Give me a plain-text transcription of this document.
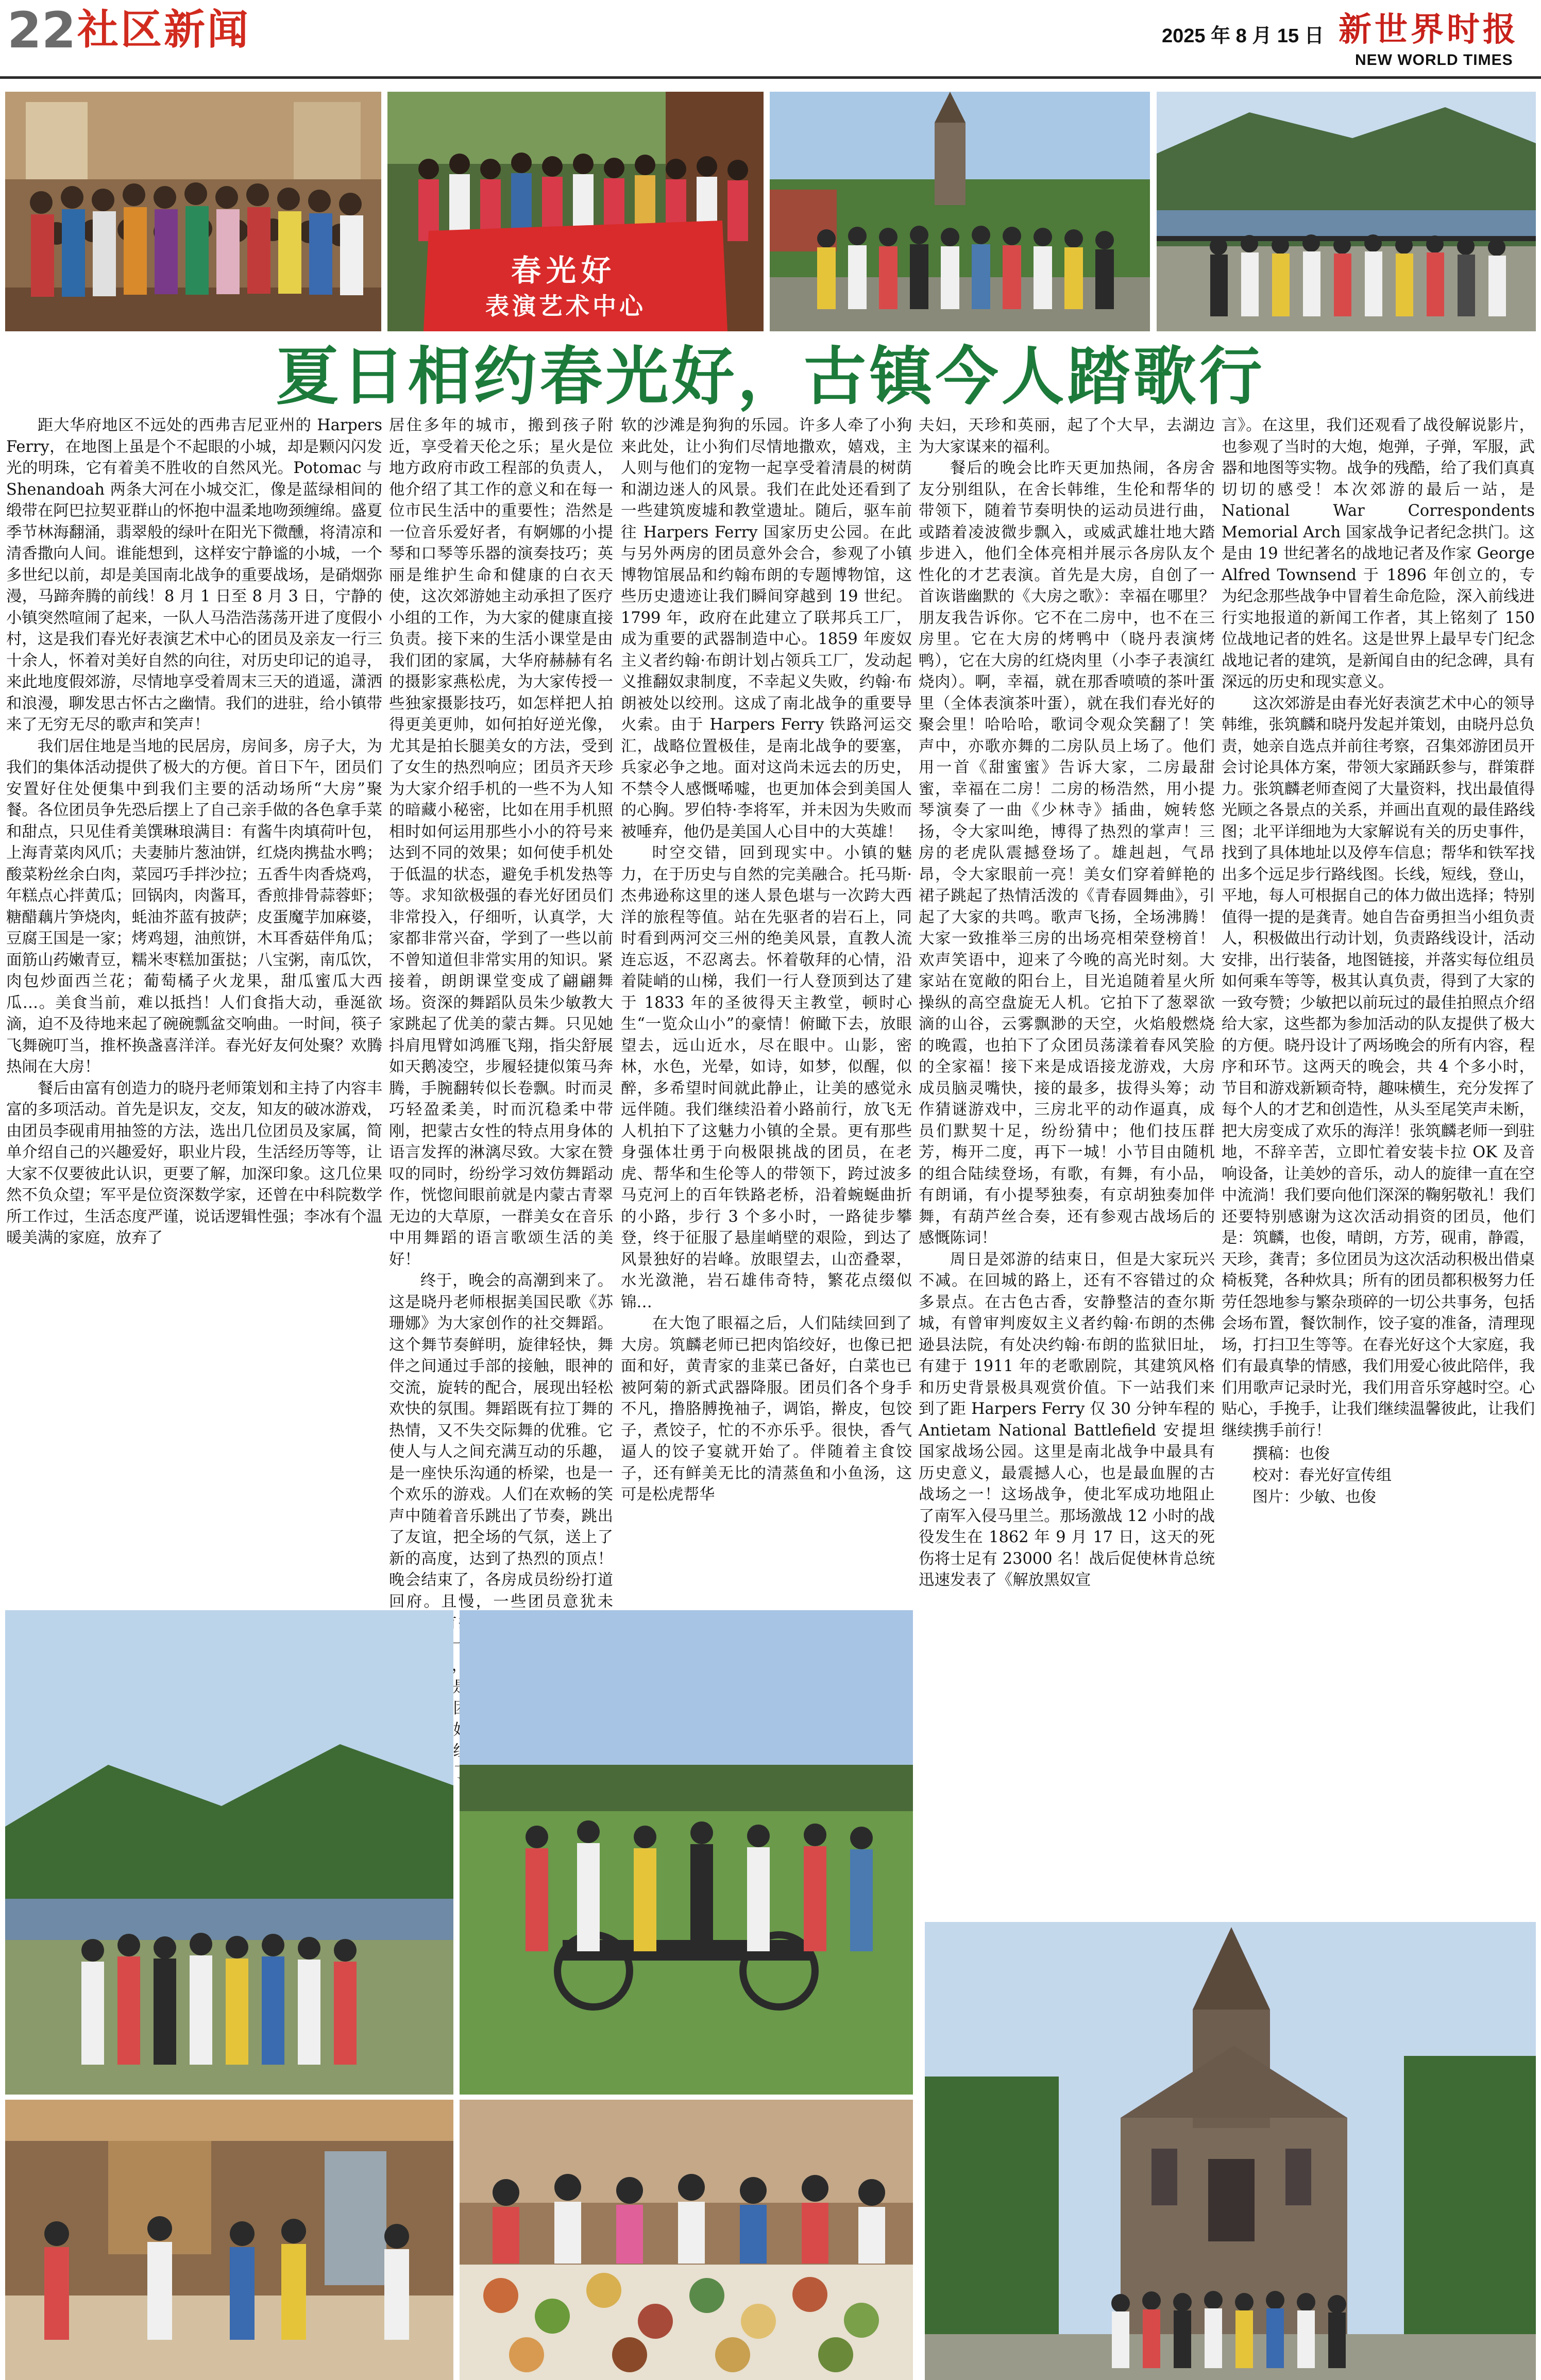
22 社区新闻	2025 年 8 月 15 日 新世界时报
NEW WORLD TIMES
春光好
表演艺术中心
夏日相约春光好，古镇今人踏歌行

距大华府地区不远处的西弗吉尼亚州的 Harpers Ferry，在地图上虽是个不起眼的小城，却是颗闪闪发光的明珠，它有着美不胜收的自然风光。Potomac 与 Shenandoah 两条大河在小城交汇，像是蓝绿相间的缎带在阿巴拉契亚群山的怀抱中温柔地吻颈缠绵。盛夏季节林海翻涌，翡翠般的绿叶在阳光下微醺，将清凉和清香撒向人间。谁能想到，这样安宁静谧的小城，一个多世纪以前，却是美国南北战争的重要战场，是硝烟弥漫，马蹄奔腾的前线！8 月 1 日至 8 月 3 日，宁静的小镇突然喧闹了起来，一队人马浩浩荡荡开进了度假小村，这是我们春光好表演艺术中心的团员及亲友一行三十余人，怀着对美好自然的向往，对历史印记的追寻，来此地度假郊游，尽情地享受着周末三天的逍遥，潇洒和浪漫，聊发思古怀古之幽情。我们的进驻，给小镇带来了无穷无尽的歌声和笑声！

我们居住地是当地的民居房，房间多，房子大，为我们的集体活动提供了极大的方便。首日下午，团员们安置好住处便集中到我们主要的活动场所“大房”聚餐。各位团员争先恐后摆上了自己亲手做的各色拿手菜和甜点，只见佳肴美馔琳琅满目：有酱牛肉填荷叶包，上海青菜肉风爪；夫妻肺片葱油饼，红烧肉携盐水鸭；酸菜粉丝余白肉，菜园巧手拌沙拉；五香牛肉香烧鸡，年糕点心拌黄瓜；回锅肉，肉酱耳，香煎排骨蒜蓉虾；糖醋藕片笋烧肉，蚝油芥蓝有披萨；皮蛋魔芋加麻婆，豆腐王国是一家；烤鸡翅，油煎饼，木耳香菇伴角瓜；面筋山药嫩青豆，糯米枣糕加蛋挞；八宝粥，南瓜饮，肉包炒面西兰花；葡萄橘子火龙果，甜瓜蜜瓜大西瓜…。美食当前，难以抵挡！人们食指大动，垂涎欲滴，迫不及待地来起了碗碗瓢盆交响曲。一时间，筷子飞舞碗叮当，推杯换盏喜洋洋。春光好友何处聚？欢腾热闹在大房！

餐后由富有创造力的晓丹老师策划和主持了内容丰富的多项活动。首先是识友，交友，知友的破冰游戏，由团员李砚甫用抽签的方法，选出几位团员及家属，简单介绍自己的兴趣爱好，职业片段，生活经历等等，让大家不仅要彼此认识，更要了解，加深印象。这几位果然不负众望；军平是位资深数学家，还曾在中科院数学所工作过，生活态度严谨，说话逻辑性强；李冰有个温暖美满的家庭，放弃了

居住多年的城市，搬到孩子附近，享受着天伦之乐；星火是位地方政府市政工程部的负责人，他介绍了其工作的意义和在每一位市民生活中的重要性；浩然是一位音乐爱好者，有婀娜的小提琴和口琴等乐器的演奏技巧；英丽是维护生命和健康的白衣天使，这次郊游她主动承担了医疗小组的工作，为大家的健康直接负责。接下来的生活小课堂是由我们团的家属，大华府赫赫有名的摄影家燕松虎，为大家传授一些独家摄影技巧，如怎样把人拍得更美更帅，如何拍好逆光像，尤其是拍长腿美女的方法，受到了女生的热烈响应；团员齐天珍为大家介绍手机的一些不为人知的暗藏小秘密，比如在用手机照相时如何运用那些小小的符号来达到不同的效果；如何使手机处于低温的状态，避免手机发热等等。求知欲极强的春光好团员们非常投入，仔细听，认真学，大家都非常兴奋，学到了一些以前不曾知道但非常实用的知识。紧接着，朗朗课堂变成了翩翩舞场。资深的舞蹈队员朱少敏教大家跳起了优美的蒙古舞。只见她抖肩甩臂如鸿雁飞翔，指尖舒展如天鹅凌空，步履轻捷似策马奔腾，手腕翻转似长卷飘。时而灵巧轻盈柔美，时而沉稳柔中带刚，把蒙古女性的特点用身体的语言发挥的淋漓尽致。大家在赞叹的同时，纷纷学习效仿舞蹈动作，恍惚间眼前就是内蒙古青翠无边的大草原，一群美女在音乐中用舞蹈的语言歌颂生活的美好！

终于，晚会的高潮到来了。这是晓丹老师根据美国民歌《苏珊娜》为大家创作的社交舞蹈。这个舞节奏鲜明，旋律轻快，舞伴之间通过手部的接触，眼神的交流，旋转的配合，展现出轻松欢快的氛围。舞蹈既有拉丁舞的热情，又不失交际舞的优雅。它使人与人之间充满互动的乐趣，是一座快乐沟通的桥梁，也是一个欢乐的游戏。人们在欢畅的笑声中随着音乐跳出了节奏，跳出了友谊，把全场的气氛，送上了新的高度，达到了热烈的顶点！晚会结束了，各房成员纷纷打道回府。且慢，一些团员意犹未 首接

软的沙滩是狗狗的乐园。许多人牵了小狗来此处，让小狗们尽情地撒欢，嬉戏，主人则与他们的宠物一起享受着清晨的树荫和湖边迷人的风景。我们在此处还看到了一些建筑废墟和教堂遗址。随后，驱车前往 Harpers Ferry 国家历史公园。在此与另外两房的团员意外会合，参观了小镇博物馆展品和约翰布朗的专题博物馆，这些历史遗迹让我们瞬间穿越到 19 世纪。1799 年，政府在此建立了联邦兵工厂，成为重要的武器制造中心。1859 年废奴主义者约翰·布朗计划占领兵工厂，发动起义推翻奴隶制度，不幸起义失败，约翰·布朗被处以绞刑。这成了南北战争的重要导火索。由于 Harpers Ferry 铁路河运交汇，战略位置极佳，是南北战争的要塞，兵家必争之地。面对这尚未远去的历史，不禁令人感慨唏嘘，也更加体会到美国人的心胸。罗伯特·李将军，并未因为失败而被唾弃，他仍是美国人心目中的大英雄！

时空交错，回到现实中。小镇的魅力，在于历史与自然的完美融合。托马斯·杰弗逊称这里的迷人景色堪与一次跨大西洋的旅程等值。站在先驱者的岩石上，同时看到两河交三州的绝美风景，直教人流连忘返，不忍离去。怀着敬拜的心情，沿着陡峭的山梯，我们一行人登顶到达了建于 1833 年的圣彼得天主教堂，顿时心生“一览众山小”的豪情！俯瞰下去，放眼望去，远山近水，尽在眼中。山影，密林，水色，光晕，如诗，如梦，似醒，似醉，多希望时间就此静止，让美的感觉永远伴随。我们继续沿着小路前行，放飞无人机拍下了这魅力小镇的全景。更有那些身强体壮勇于向极限挑战的团员，在老虎、帮华和生伦等人的带领下，跨过波多马克河上的百年铁路老桥，沿着蜿蜒曲折的小路，步行 3 个多小时，一路徒步攀登，终于征服了悬崖峭壁的艰险，到达了风景独好的岩峰。放眼望去，山峦叠翠，水光潋滟，岩石雄伟奇特，繁花点缀似锦…

在大饱了眼福之后，人们陆续回到了大房。筑麟老师已把肉馅绞好，也像已把面和好，黄青家的韭菜已备好，白菜也已被阿菊的新式武器降服。团员们各个身手不凡，撸胳膊挽袖子，调馅，擀皮，包饺子，煮饺子，忙的不亦乐乎。很快，香气逼人的饺子宴就开始了。伴随着主食饺子，还有鲜美无比的清蒸鱼和小鱼汤，这可是松虎帮华

夫妇，天珍和英丽，起了个大早，去湖边为大家谋来的福利。

餐后的晚会比昨天更加热闹，各房舍友分别组队，在舍长韩维，生伦和帮华的带领下，随着节奏明快的运动员进行曲，或踏着凌波微步飘入，或威武雄壮地大踏步进入，他们全体亮相并展示各房队友个性化的才艺表演。首先是大房，自创了一首诙谐幽默的《大房之歌》：幸福在哪里？朋友我告诉你。它不在二房中，也不在三房里。它在大房的烤鸭中（晓丹表演烤鸭），它在大房的红烧肉里（小李子表演红烧肉）。啊，幸福，就在那香喷喷的茶叶蛋里（全体表演茶叶蛋），就在我们春光好的聚会里！哈哈哈，歌词令观众笑翻了！笑声中，亦歌亦舞的二房队员上场了。他们用一首《甜蜜蜜》告诉大家，二房最甜蜜，幸福在二房！二房的杨浩然，用小提琴演奏了一曲《少林寺》插曲，婉转悠扬，令大家叫绝，博得了热烈的掌声！三房的老虎队震撼登场了。雄赳赳，气昂昂，令大家眼前一亮！美女们穿着鲜艳的裙子跳起了热情活泼的《青春圆舞曲》，引起了大家的共鸣。歌声飞扬，全场沸腾！大家一致推举三房的出场亮相荣登榜首！欢声笑语中，迎来了今晚的高光时刻。大家站在宽敞的阳台上，目光追随着星火所操纵的高空盘旋无人机。它拍下了葱翠欲滴的山谷，云雾飘渺的天空，火焰般燃烧的晚霞，也拍下了众团员荡漾着春风笑脸的全家福！接下来是成语接龙游戏，大房成员脑灵嘴快，接的最多，拔得头筹；动作猜谜游戏中，三房北平的动作逼真，成员们默契十足，纷纷猜中；他们技压群芳，梅开二度，再下一城！小节目由随机的组合陆续登场，有歌，有舞，有小品，有朗诵，有小提琴独奏，有京胡独奏加伴舞，有葫芦丝合奏，还有参观古战场后的感慨陈词！

周日是郊游的结束日，但是大家玩兴不减。在回城的路上，还有不容错过的众多景点。在古色古香，安静整洁的查尔斯城，有曾审判废奴主义者约翰·布朗的杰佛逊县法院，有处决约翰·布朗的监狱旧址，有建于 1911 年的老歌剧院，其建筑风格和历史背景极具观赏价值。下一站我们来到了距 Harpers Ferry 仅 30 分钟车程的 Antietam National Battlefield 安提坦国家战场公园。这里是南北战争中最具有历史意义，最震撼人心，也是最血腥的古战场之一！这场战争，使北军成功地阻止了南军入侵马里兰。那场激战 12 小时的战役发生在 1862 年 9 月 17 日，这天的死伤将士足有 23000 名！战后促使林肯总统迅速发表了《解放黑奴宣

言》。在这里，我们还观看了战役解说影片，也参观了当时的大炮，炮弹，子弹，军服，武器和地图等实物。战争的残酷，给了我们真真切切的感受！本次郊游的最后一站，是 National War Correspondents Memorial Arch 国家战争记者纪念拱门。这是由 19 世纪著名的战地记者及作家 George Alfred Townsend 于 1896 年创立的，专为纪念那些战争中冒着生命危险，深入前线进行实地报道的新闻工作者，其上铭刻了 150 位战地记者的姓名。这是世界上最早专门纪念战地记者的建筑，是新闻自由的纪念碑，具有深远的历史和现实意义。

这次郊游是由春光好表演艺术中心的领导韩维，张筑麟和晓丹发起并策划，由晓丹总负责，她亲自选点并前往考察，召集郊游团员开会讨论具体方案，带领大家踊跃参与，群策群力。张筑麟老师查阅了大量资料，找出最值得光顾之各景点的关系，并画出直观的最佳路线图；北平详细地为大家解说有关的历史事件，找到了具体地址以及停车信息；帮华和铁军找出多个远足步行路线图。长线，短线，登山，平地，每人可根据自己的体力做出选择；特别值得一提的是龚青。她自告奋勇担当小组负责人，积极做出行动计划，负责路线设计，活动安排，出行装备，地图链接，并落实每位组员如何乘车等等，极其认真负责，得到了大家的一致夸赞；少敏把以前玩过的最佳拍照点介绍给大家，这些都为参加活动的队友提供了极大的方便。晓丹设计了两场晚会的所有内容，程序和环节。这两天的晚会，共 4 个多小时，节目和游戏新颖奇特，趣味横生，充分发挥了每个人的才艺和创造性，从头至尾笑声未断，把大房变成了欢乐的海洋！张筑麟老师一到驻地，不辞辛苦，立即忙着安装卡拉 OK 及音响设备，让美妙的音乐，动人的旋律一直在空中流淌！我们要向他们深深的鞠躬敬礼！我们还要特别感谢为这次活动捐资的团员，他们是：筑麟，也俊，晴朗，方芳，砚甫，静霞，天珍，龚青；多位团员为这次活动积极出借桌椅板凳，各种炊具；所有的团员都积极努力任劳任怨地参与繁杂琐碎的一切公共事务，包括会场布置，餐饮制作，饺子宴的准备，清理现场，打扫卫生等等。在春光好这个大家庭，我们有最真挚的情感，我们用爱心彼此陪伴，我们用歌声记录时光，我们用音乐穿越时空。心贴心，手挽手，让我们继续温馨彼此，让我们继续携手前行！

撰稿：也俊
校对：春光好宣传组
图片：少敏、也俊
